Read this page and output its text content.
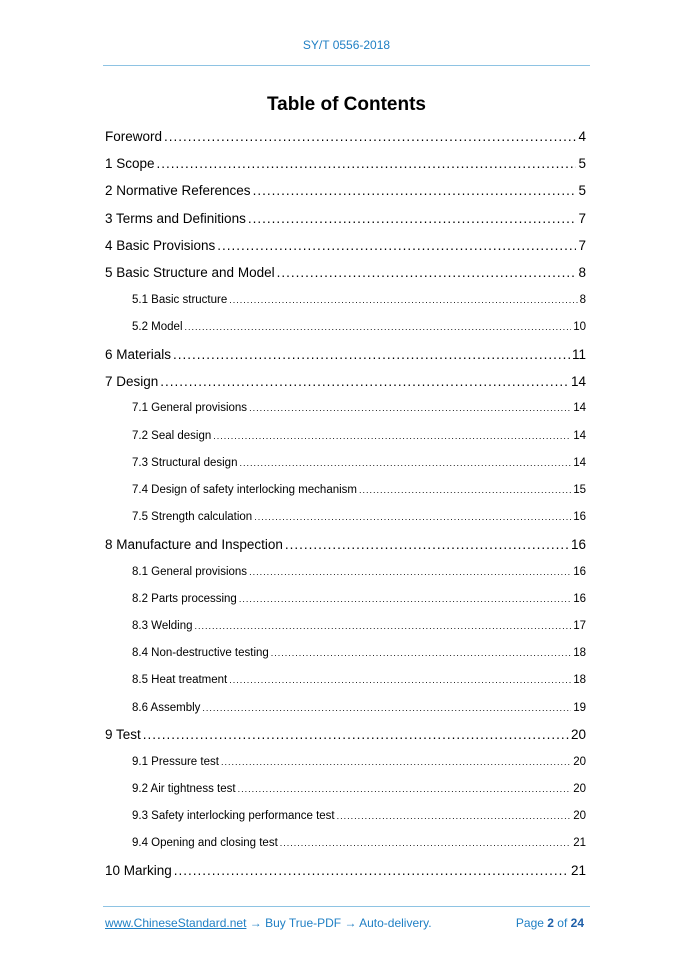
SY/T 0556-2018
Table of Contents
Foreword .....	4
1 Scope .....	5
2 Normative References .....	5
3 Terms and Definitions .....	7
4 Basic Provisions .....	7
5 Basic Structure and Model .....	8
5.1 Basic structure .....	8
5.2 Model .....	10
6 Materials .....	11
7 Design .....	14
7.1 General provisions .....	14
7.2 Seal design .....	14
7.3 Structural design .....	14
7.4 Design of safety interlocking mechanism .....	15
7.5 Strength calculation .....	16
8 Manufacture and Inspection .....	16
8.1 General provisions .....	16
8.2 Parts processing .....	16
8.3 Welding .....	17
8.4 Non-destructive testing .....	18
8.5 Heat treatment .....	18
8.6 Assembly .....	19
9 Test .....	20
9.1 Pressure test .....	20
9.2 Air tightness test .....	20
9.3 Safety interlocking performance test .....	20
9.4 Opening and closing test .....	21
10 Marking .....	21
www.ChineseStandard.net → Buy True-PDF → Auto-delivery.	Page 2 of 24
